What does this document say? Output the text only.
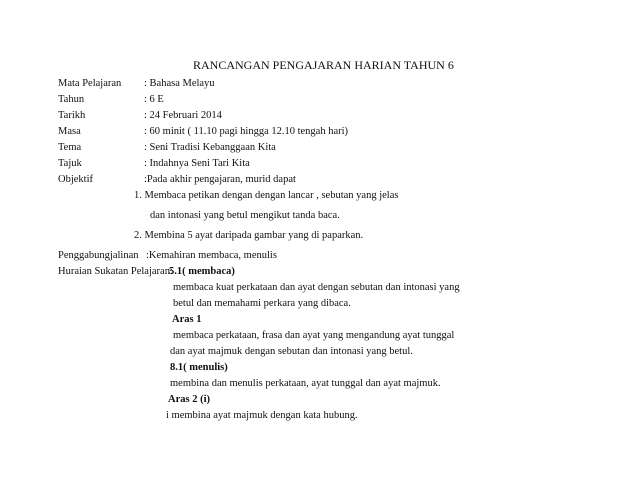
RANCANGAN PENGAJARAN HARIAN TAHUN 6
Mata Pelajaran : Bahasa Melayu
Tahun	: 6 E
Tarikh	: 24 Februari 2014
Masa	: 60 minit ( 11.10 pagi hingga 12.10 tengah hari)
Tema	: Seni Tradisi Kebanggaan Kita
Tajuk	: Indahnya Seni Tari Kita
Objektif	:Pada akhir pengajaran, murid dapat
1. Membaca petikan dengan dengan lancar , sebutan yang jelas
dan intonasi yang betul mengikut tanda baca.
2. Membina 5 ayat daripada gambar yang di paparkan.
Penggabungjalinan :Kemahiran membaca, menulis
Huraian Sukatan Pelajaran:
5.1( membaca)
membaca kuat perkataan dan ayat dengan sebutan dan intonasi yang
betul dan memahami perkara yang dibaca.
Aras 1
membaca perkataan, frasa dan ayat yang mengandung ayat tunggal
dan ayat majmuk dengan sebutan dan intonasi yang betul.
8.1( menulis)
membina dan menulis perkataan, ayat tunggal dan ayat majmuk.
Aras 2 (i)
i membina ayat majmuk dengan kata hubung.
